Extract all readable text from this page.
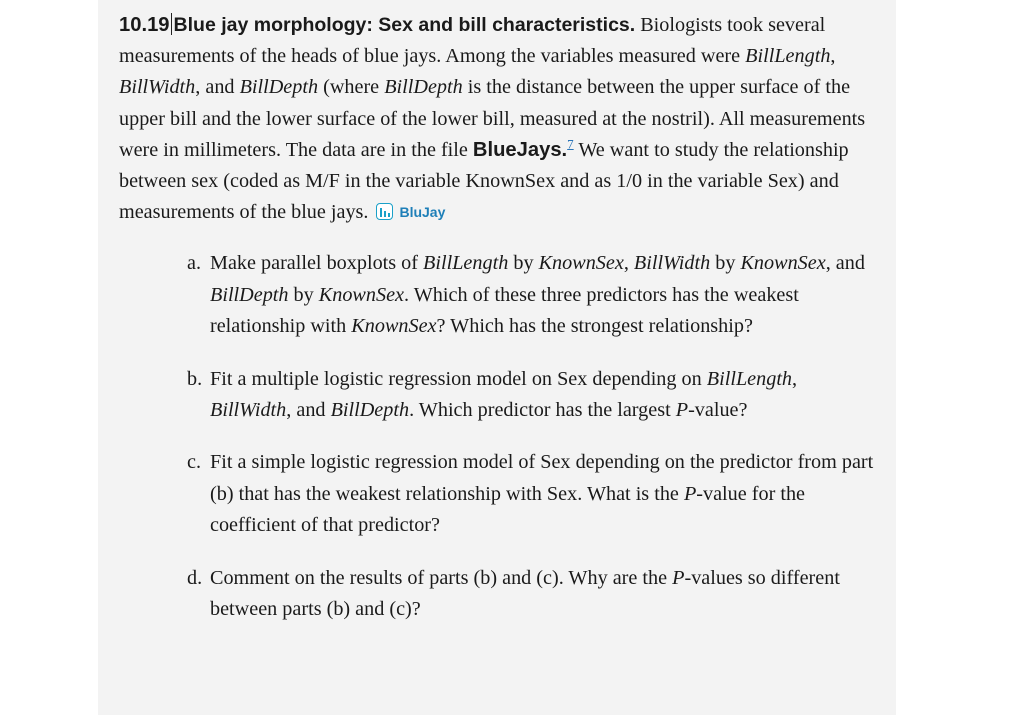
10.19 Blue jay morphology: Sex and bill characteristics. Biologists took several measurements of the heads of blue jays. Among the variables measured were BillLength, BillWidth, and BillDepth (where BillDepth is the distance between the upper surface of the upper bill and the lower surface of the lower bill, measured at the nostril). All measurements were in millimeters. The data are in the file BlueJays.$^7$ We want to study the relationship between sex (coded as M/F in the variable KnownSex and as 1/0 in the variable Sex) and measurements of the blue jays. BluJay

a. Make parallel boxplots of BillLength by KnownSex, BillWidth by KnownSex, and BillDepth by KnownSex. Which of these three predictors has the weakest relationship with KnownSex? Which has the strongest relationship?
b. Fit a multiple logistic regression model on Sex depending on BillLength, BillWidth, and BillDepth. Which predictor has the largest P-value?
c. Fit a simple logistic regression model of Sex depending on the predictor from part (b) that has the weakest relationship with Sex. What is the P-value for the coefficient of that predictor?
d. Comment on the results of parts (b) and (c). Why are the P-values so different between parts (b) and (c)?
